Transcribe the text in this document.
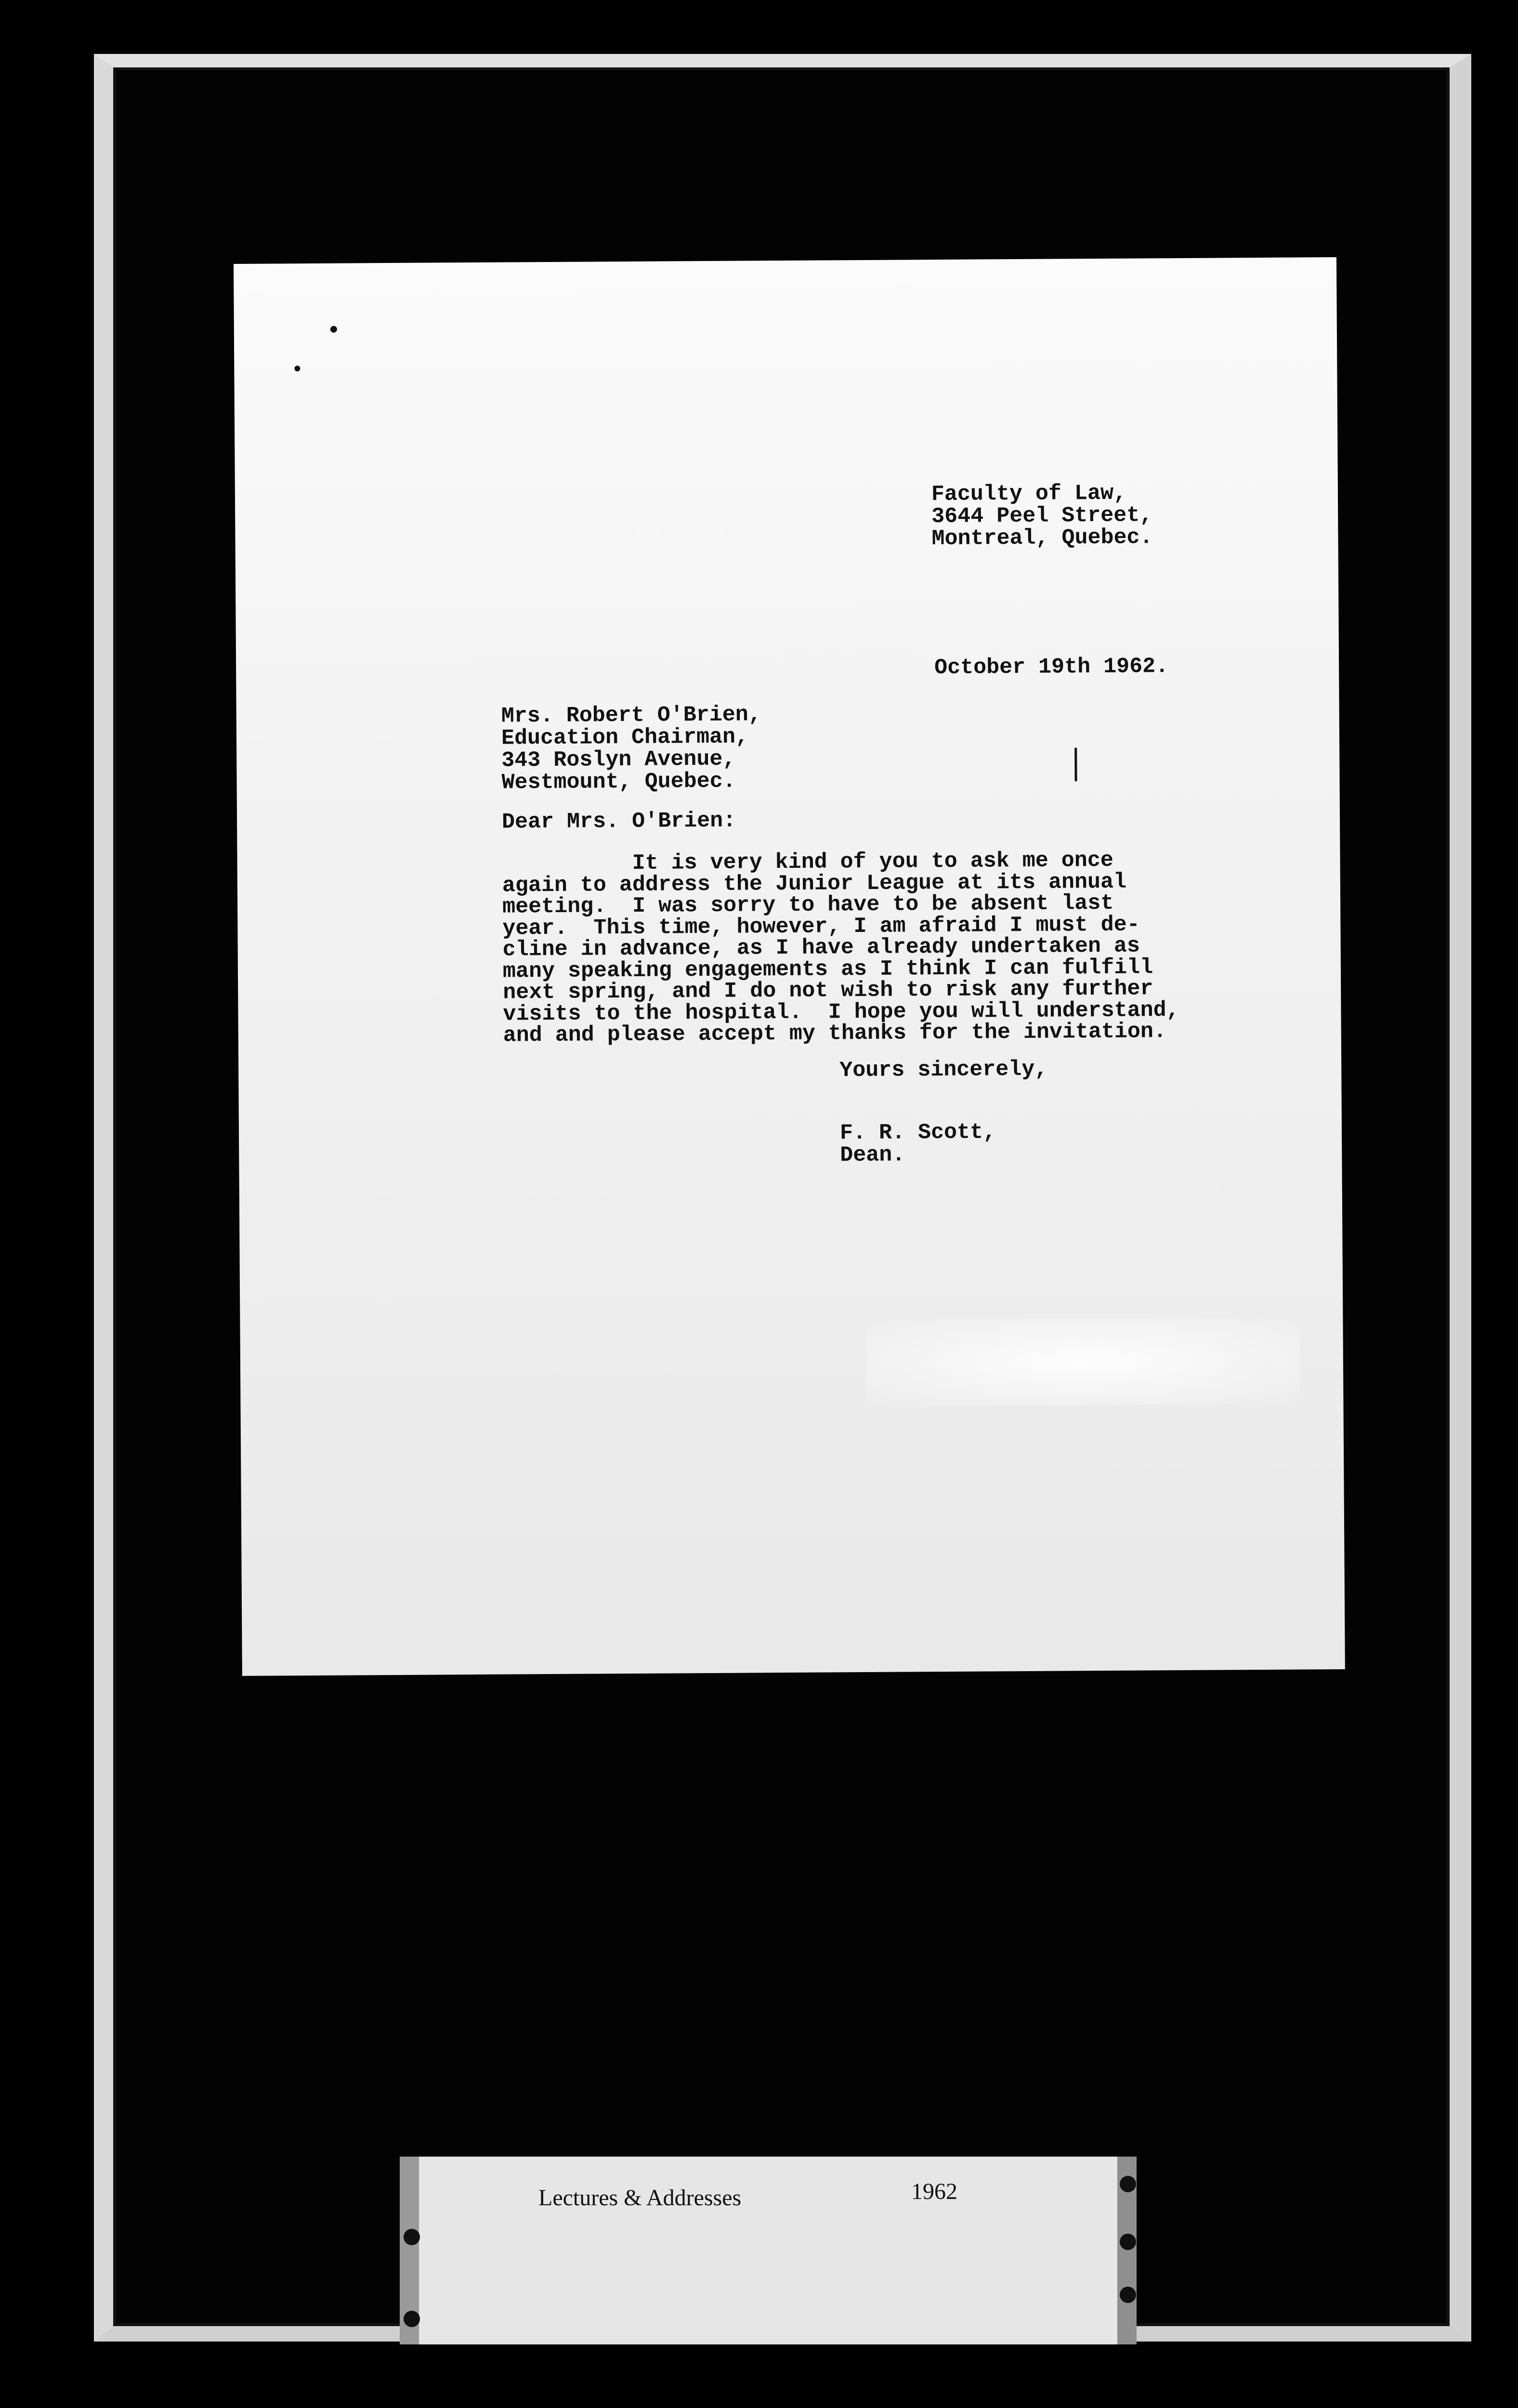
Faculty of Law,
3644 Peel Street,
Montreal, Quebec.
October 19th 1962.
Mrs. Robert O'Brien,
Education Chairman,
343 Roslyn Avenue,
Westmount, Quebec.
Dear Mrs. O'Brien:
It is very kind of you to ask me once
again to address the Junior League at its annual
meeting.  I was sorry to have to be absent last
year.  This time, however, I am afraid I must de-
cline in advance, as I have already undertaken as
many speaking engagements as I think I can fulfill
next spring, and I do not wish to risk any further
visits to the hospital.  I hope you will understand,
and and please accept my thanks for the invitation.
Yours sincerely,
F. R. Scott,
Dean.
Lectures & Addresses	1962
